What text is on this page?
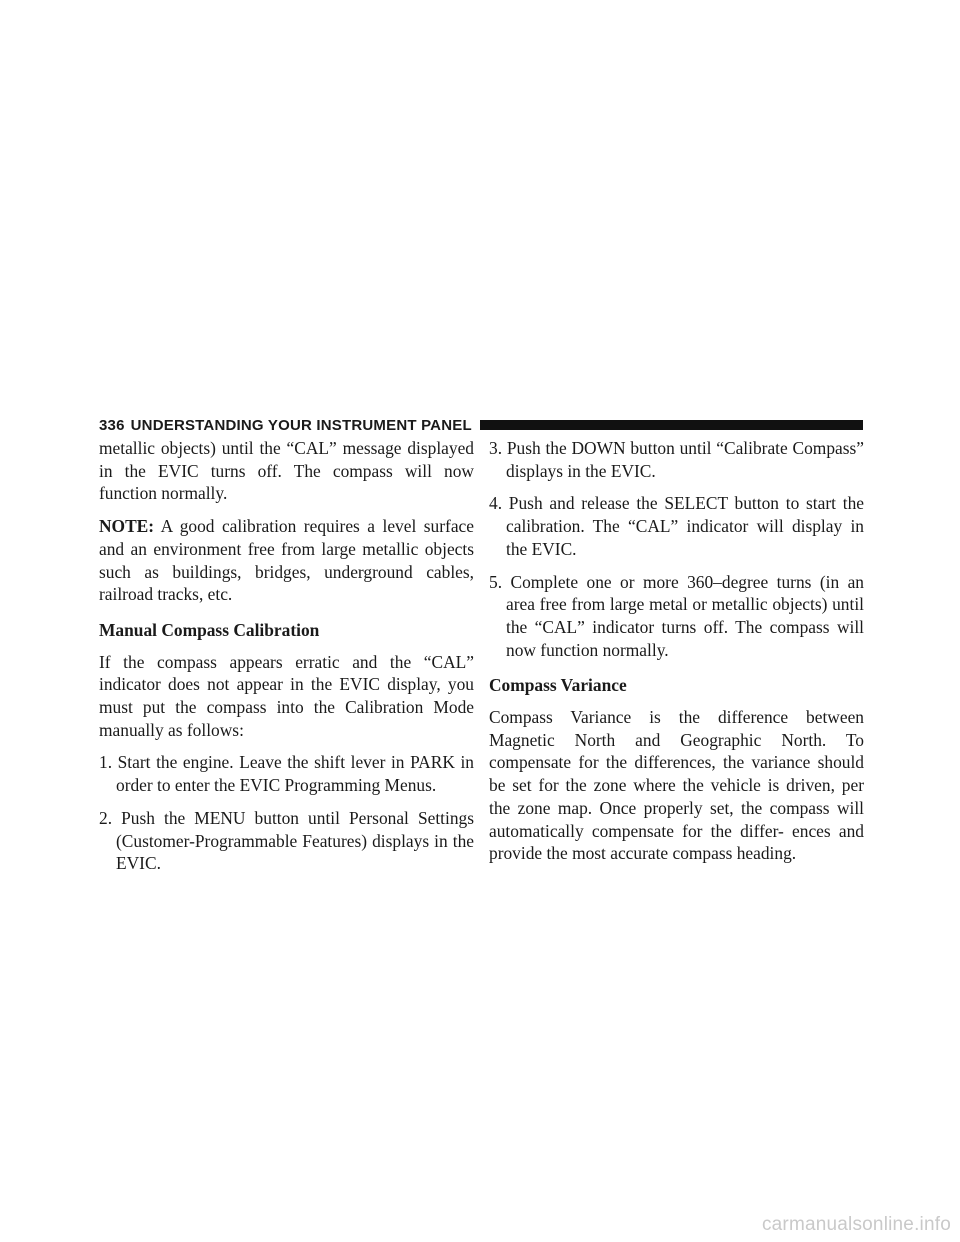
336 UNDERSTANDING YOUR INSTRUMENT PANEL

metallic objects) until the “CAL” message displayed in the EVIC turns off. The compass will now function normally.

NOTE: A good calibration requires a level surface and an environment free from large metallic objects such as buildings, bridges, underground cables, railroad tracks, etc.

Manual Compass Calibration

If the compass appears erratic and the “CAL” indicator does not appear in the EVIC display, you must put the compass into the Calibration Mode manually as follows:

1. Start the engine. Leave the shift lever in PARK in order to enter the EVIC Programming Menus.

2. Push the MENU button until Personal Settings (Customer-Programmable Features) displays in the EVIC.

3. Push the DOWN button until “Calibrate Compass” displays in the EVIC.

4. Push and release the SELECT button to start the calibration. The “CAL” indicator will display in the EVIC.

5. Complete one or more 360–degree turns (in an area free from large metal or metallic objects) until the “CAL” indicator turns off. The compass will now function normally.

Compass Variance

Compass Variance is the difference between Magnetic North and Geographic North. To compensate for the differences, the variance should be set for the zone where the vehicle is driven, per the zone map. Once properly set, the compass will automatically compensate for the differ- ences and provide the most accurate compass heading.

carmanualsonline.info
